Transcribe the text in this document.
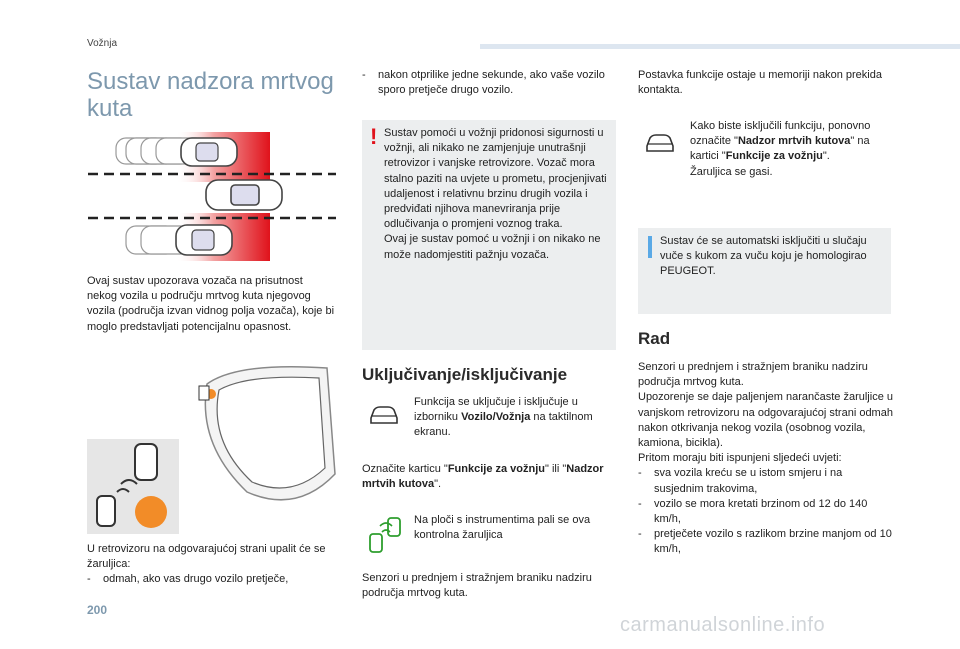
Vožnja
Sustav nadzora mrtvog
kuta
Ovaj sustav upozorava vozača na prisutnost nekog vozila u području mrtvog kuta njegovog vozila (područja izvan vidnog polja vozača), koje bi moglo predstavljati potencijalnu opasnost.
U retrovizoru na odgovarajućoj strani upalit će se žaruljica:
- odmah, ako vas drugo vozilo pretječe,
- nakon otprilike jedne sekunde, ako vaše vozilo sporo pretječe drugo vozilo.
! Sustav pomoći u vožnji pridonosi sigurnosti u vožnji, ali nikako ne zamjenjuje unutrašnji retrovizor i vanjske retrovizore. Vozač mora stalno paziti na uvjete u prometu, procjenjivati udaljenost i relativnu brzinu drugih vozila i predviđati njihova manevriranja prije odlučivanja o promjeni voznog traka.
Ovaj je sustav pomoć u vožnji i on nikako ne može nadomjestiti pažnju vozača.
Uključivanje/isključivanje
Funkcija se uključuje i isključuje u izborniku Vozilo/Vožnja na taktilnom ekranu.
Označite karticu "Funkcije za vožnju" ili "Nadzor mrtvih kutova".
Na ploči s instrumentima pali se ova kontrolna žaruljica
Senzori u prednjem i stražnjem braniku nadziru područja mrtvog kuta.
Postavka funkcije ostaje u memoriji nakon prekida kontakta.
Kako biste isključili funkciju, ponovno označite "Nadzor mrtvih kutova" na kartici "Funkcije za vožnju".
Žaruljica se gasi.
Sustav će se automatski isključiti u slučaju vuče s kukom za vuču koju je homologirao PEUGEOT.
Rad
Senzori u prednjem i stražnjem braniku nadziru područja mrtvog kuta.
Upozorenje se daje paljenjem narančaste žaruljice u vanjskom retrovizoru na odgovarajućoj strani odmah nakon otkrivanja nekog vozila (osobnog vozila, kamiona, bicikla).
Pritom moraju biti ispunjeni sljedeći uvjeti:
- sva vozila kreću se u istom smjeru i na susjednim trakovima,
- vozilo se mora kretati brzinom od 12 do 140 km/h,
- pretječete vozilo s razlikom brzine manjom od 10 km/h,
200
carmanualsonline.info
